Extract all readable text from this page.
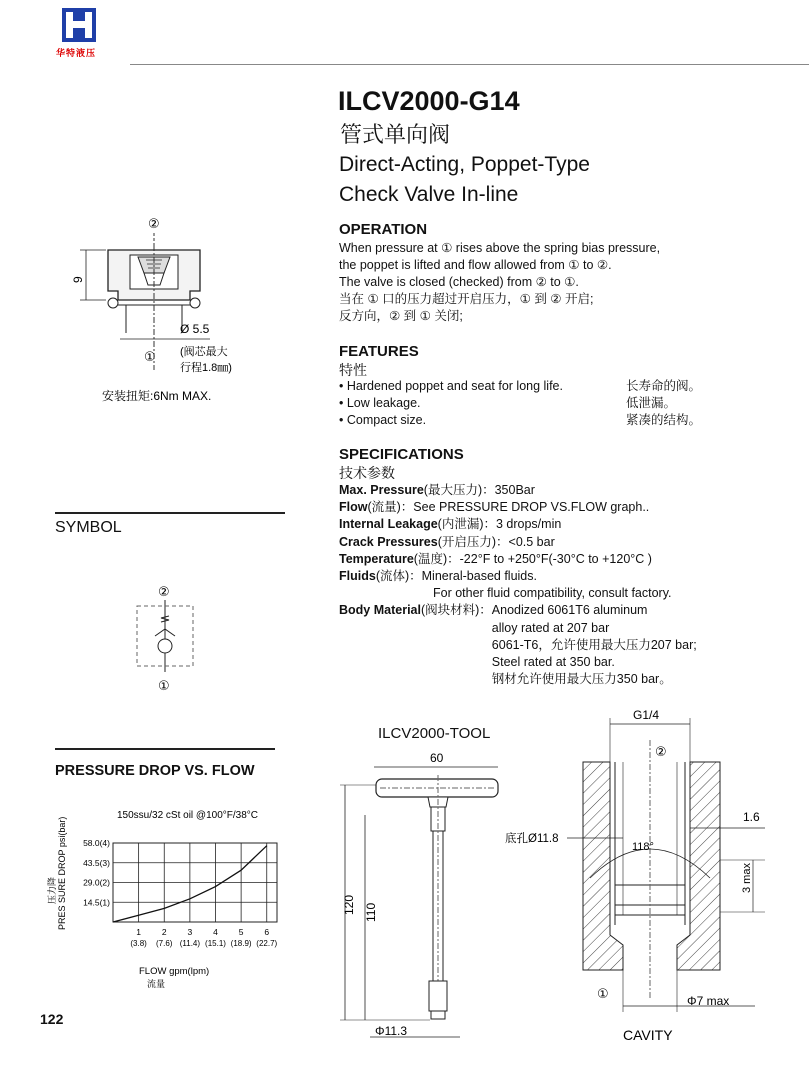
华特液压
ILCV2000-G14
管式单向阀
Direct-Acting, Poppet-Type
Check Valve In-line
OPERATION
When pressure at ① rises above the spring bias pressure,
the poppet is lifted and flow allowed from ① to ②.
The valve is closed (checked) from ② to ①.
当在 ① 口的压力超过开启压力，① 到 ② 开启;
反方向，② 到 ① 关闭;
FEATURES
特性
• Hardened poppet and seat for long life.
• Low leakage.
• Compact size.
长寿命的阀。
低泄漏。
紧凑的结构。
SPECIFICATIONS
技术参数
Max. Pressure(最大压力)：350Bar
Flow(流量)：See PRESSURE DROP VS.FLOW graph..
Internal Leakage(内泄漏)：3 drops/min
Crack Pressures(开启压力)：<0.5 bar
Temperature(温度)：-22°F to +250°F(-30°C to +120°C )
Fluids(流体)：Mineral-based fluids.
For other fluid compatibility, consult factory.
Body Material(阀块材料)： Anodized 6061T6 aluminum
alloy rated at 207 bar
6061-T6，允许使用最大压力207 bar;
Steel rated at 350 bar.
钢材允许使用最大压力350 bar。
②
9
Ø 5.5
① (阀芯最大
行程1.8㎜)
安装扭矩:6Nm MAX.
SYMBOL
②
①
PRESSURE DROP VS. FLOW
150ssu/32 cSt oil @100°F/38°C
14.5(1)
29.0(2)
43.5(3)
58.0(4)
1
(3.8)
2
(7.6)
3
(11.4)
4
(15.1)
5
(18.9)
6
(22.7)
PRES SURE DROP psi(bar)
压力降
FLOW gpm(lpm)
流量
122
ILCV2000-TOOL
60
120 110
Φ11.3
G1/4
②
118°
底孔Ø11.8
1.6
3 max
①	Φ7 max
CAVITY
